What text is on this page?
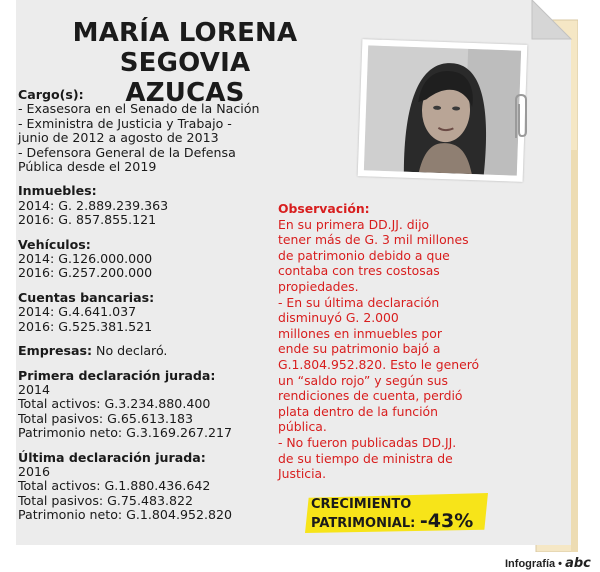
MARÍA LORENA
SEGOVIA AZUCAS
Cargo(s):
- Exasesora en el Senado de la Nación
- Exministra de Justicia y Trabajo -
junio de 2012 a agosto de 2013
- Defensora General de la Defensa
Pública desde el 2019
Inmuebles:
2014: G. 2.889.239.363
2016: G. 857.855.121
Vehículos:
2014: G.126.000.000
2016: G.257.200.000
Cuentas bancarias:
2014: G.4.641.037
2016: G.525.381.521
Empresas: No declaró.
Primera declaración jurada:
2014
Total activos: G.3.234.880.400
Total pasivos: G.65.613.183
Patrimonio neto: G.3.169.267.217
Última declaración jurada:
2016
Total activos: G.1.880.436.642
Total pasivos: G.75.483.822
Patrimonio neto: G.1.804.952.820
Observación:
En su primera DD.JJ. dijo
tener más de G. 3 mil millones
de patrimonio debido a que
contaba con tres costosas
propiedades.
- En su última declaración
disminuyó G. 2.000
millones en inmuebles por
ende su patrimonio bajó a
G.1.804.952.820. Esto le generó
un “saldo rojo” y según sus
rendiciones de cuenta, perdió
plata dentro de la función
pública.
- No fueron publicadas DD.JJ.
de su tiempo de ministra de
Justicia.
CRECIMIENTO
PATRIMONIAL: -43%
Infografía • abc
